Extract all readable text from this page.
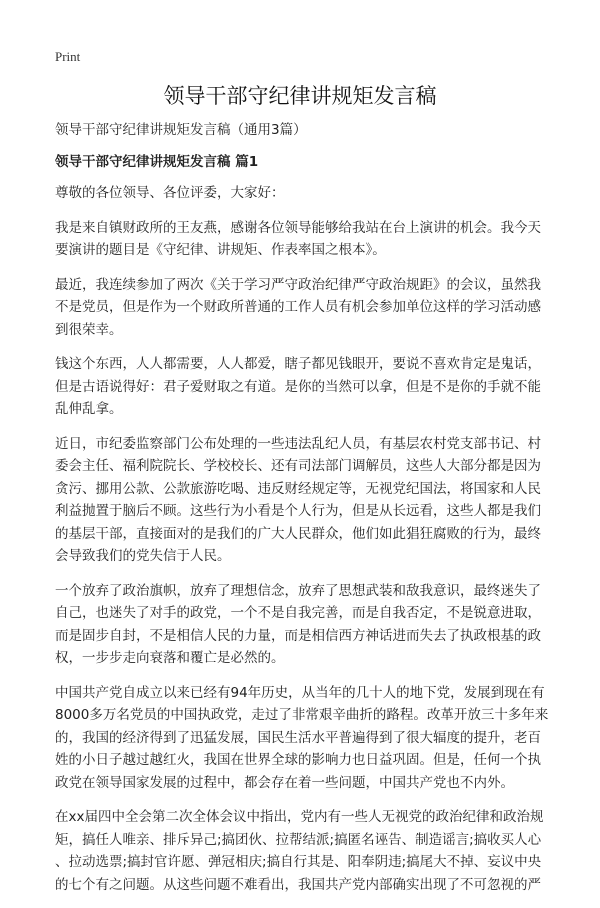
Print
领导干部守纪律讲规矩发言稿
领导干部守纪律讲规矩发言稿（通用3篇）
领导干部守纪律讲规矩发言稿 篇1
尊敬的各位领导、各位评委，大家好：
我是来自镇财政所的王友燕，感谢各位领导能够给我站在台上演讲的机会。我今天
要演讲的题目是《守纪律、讲规矩、作表率国之根本》。
最近，我连续参加了两次《关于学习严守政治纪律严守政治规距》的会议，虽然我
不是党员，但是作为一个财政所普通的工作人员有机会参加单位这样的学习活动感
到很荣幸。
钱这个东西，人人都需要，人人都爱，瞎子都见钱眼开，要说不喜欢肯定是鬼话，
但是古语说得好：君子爱财取之有道。是你的当然可以拿，但是不是你的手就不能
乱伸乱拿。
近日，市纪委监察部门公布处理的一些违法乱纪人员，有基层农村党支部书记、村
委会主任、福利院院长、学校校长、还有司法部门调解员，这些人大部分都是因为
贪污、挪用公款、公款旅游吃喝、违反财经规定等，无视党纪国法，将国家和人民
利益抛置于脑后不顾。这些行为小看是个人行为，但是从长远看，这些人都是我们
的基层干部，直接面对的是我们的广大人民群众，他们如此猖狂腐败的行为，最终
会导致我们的党失信于人民。
一个放弃了政治旗帜，放弃了理想信念，放弃了思想武装和敌我意识，最终迷失了
自己，也迷失了对手的政党，一个不是自我完善，而是自我否定，不是锐意进取，
而是固步自封，不是相信人民的力量，而是相信西方神话进而失去了执政根基的政
权，一步步走向衰落和覆亡是必然的。
中国共产党自成立以来已经有94年历史，从当年的几十人的地下党，发展到现在有
8000多万名党员的中国执政党，走过了非常艰辛曲折的路程。改革开放三十多年来
的，我国的经济得到了迅猛发展，国民生活水平普遍得到了很大辐度的提升，老百
姓的小日子越过越红火，我国在世界全球的影响力也日益巩固。但是，任何一个执
政党在领导国家发展的过程中，都会存在着一些问题，中国共产党也不内外。
在xx届四中全会第二次全体会议中指出，党内有一些人无视党的政治纪律和政治规
矩，搞任人唯亲、排斥异己;搞团伙、拉帮结派;搞匿名诬告、制造谣言;搞收买人心
、拉动选票;搞封官许愿、弹冠相庆;搞自行其是、阳奉阴违;搞尾大不掉、妄议中央
的七个有之问题。从这些问题不难看出，我国共产党内部确实出现了不可忽视的严
